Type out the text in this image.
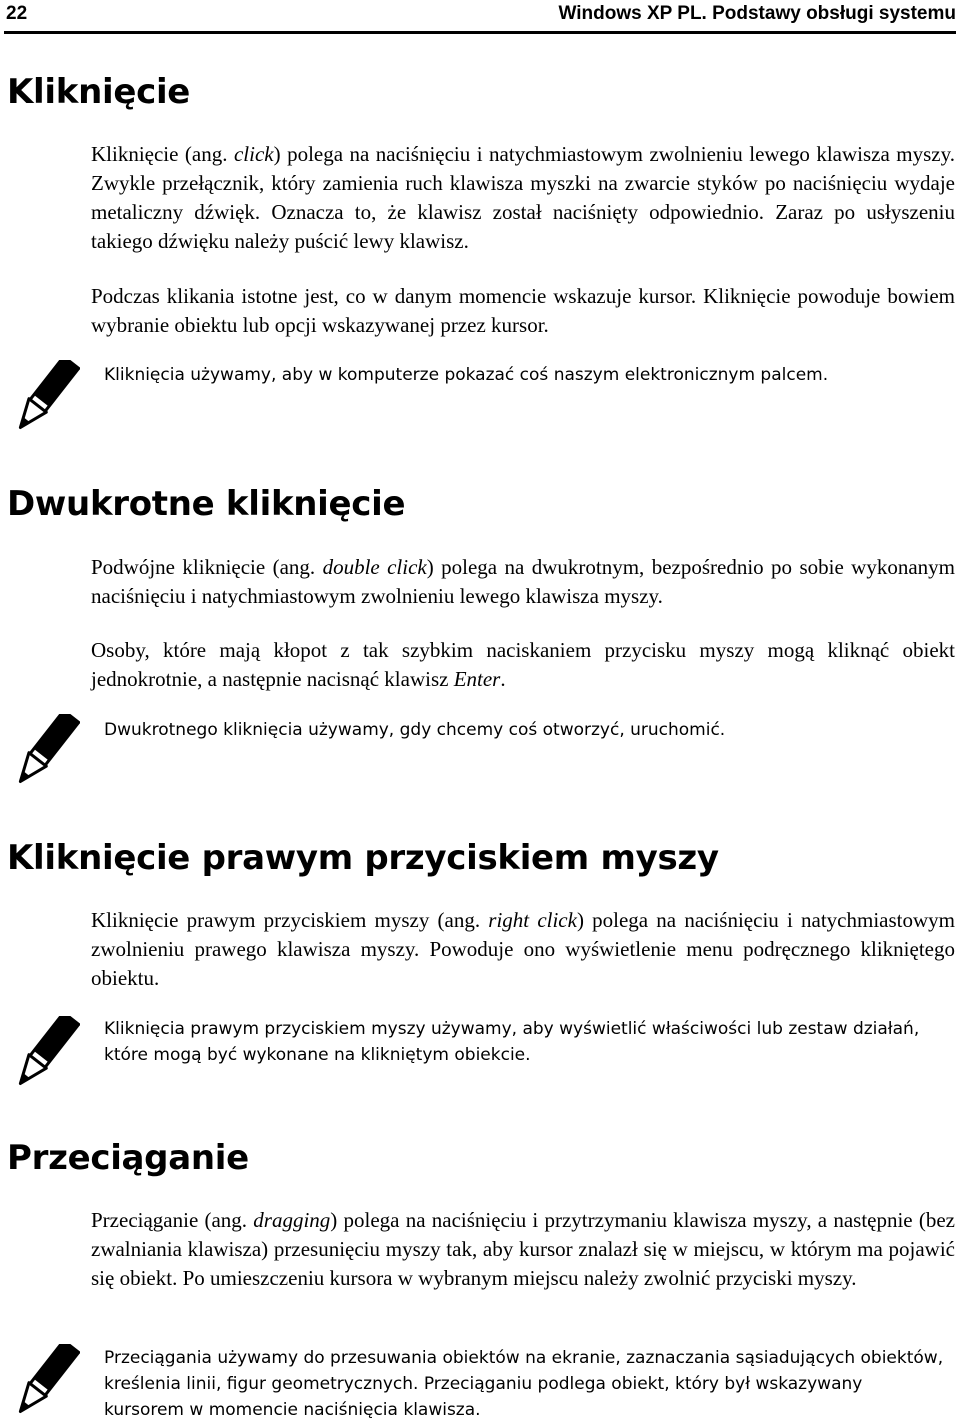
22	Windows XP PL. Podstawy obsługi systemu
Kliknięcie
Kliknięcie (ang. click) polega na naciśnięciu i natychmiastowym zwolnieniu lewego klawisza myszy. Zwykle przełącznik, który zamienia ruch klawisza myszki na zwarcie styków po naciśnięciu wydaje metaliczny dźwięk. Oznacza to, że klawisz został naciśnięty odpowiednio. Zaraz po usłyszeniu takiego dźwięku należy puścić lewy klawisz.
Podczas klikania istotne jest, co w danym momencie wskazuje kursor. Kliknięcie powoduje bowiem wybranie obiektu lub opcji wskazywanej przez kursor.
Kliknięcia używamy, aby w komputerze pokazać coś naszym elektronicznym palcem.
Dwukrotne kliknięcie
Podwójne kliknięcie (ang. double click) polega na dwukrotnym, bezpośrednio po sobie wykonanym naciśnięciu i natychmiastowym zwolnieniu lewego klawisza myszy.
Osoby, które mają kłopot z tak szybkim naciskaniem przycisku myszy mogą kliknąć obiekt jednokrotnie, a następnie nacisnąć klawisz Enter.
Dwukrotnego kliknięcia używamy, gdy chcemy coś otworzyć, uruchomić.
Kliknięcie prawym przyciskiem myszy
Kliknięcie prawym przyciskiem myszy (ang. right click) polega na naciśnięciu i natychmiastowym zwolnieniu prawego klawisza myszy. Powoduje ono wyświetlenie menu podręcznego klikniętego obiektu.
Kliknięcia prawym przyciskiem myszy używamy, aby wyświetlić właściwości lub zestaw działań, które mogą być wykonane na klikniętym obiekcie.
Przeciąganie
Przeciąganie (ang. dragging) polega na naciśnięciu i przytrzymaniu klawisza myszy, a następnie (bez zwalniania klawisza) przesunięciu myszy tak, aby kursor znalazł się w miejscu, w którym ma pojawić się obiekt. Po umieszczeniu kursora w wybranym miejscu należy zwolnić przyciski myszy.
Przeciągania używamy do przesuwania obiektów na ekranie, zaznaczania sąsiadujących obiektów, kreślenia linii, figur geometrycznych. Przeciąganiu podlega obiekt, który był wskazywany kursorem w momencie naciśnięcia klawisza.
